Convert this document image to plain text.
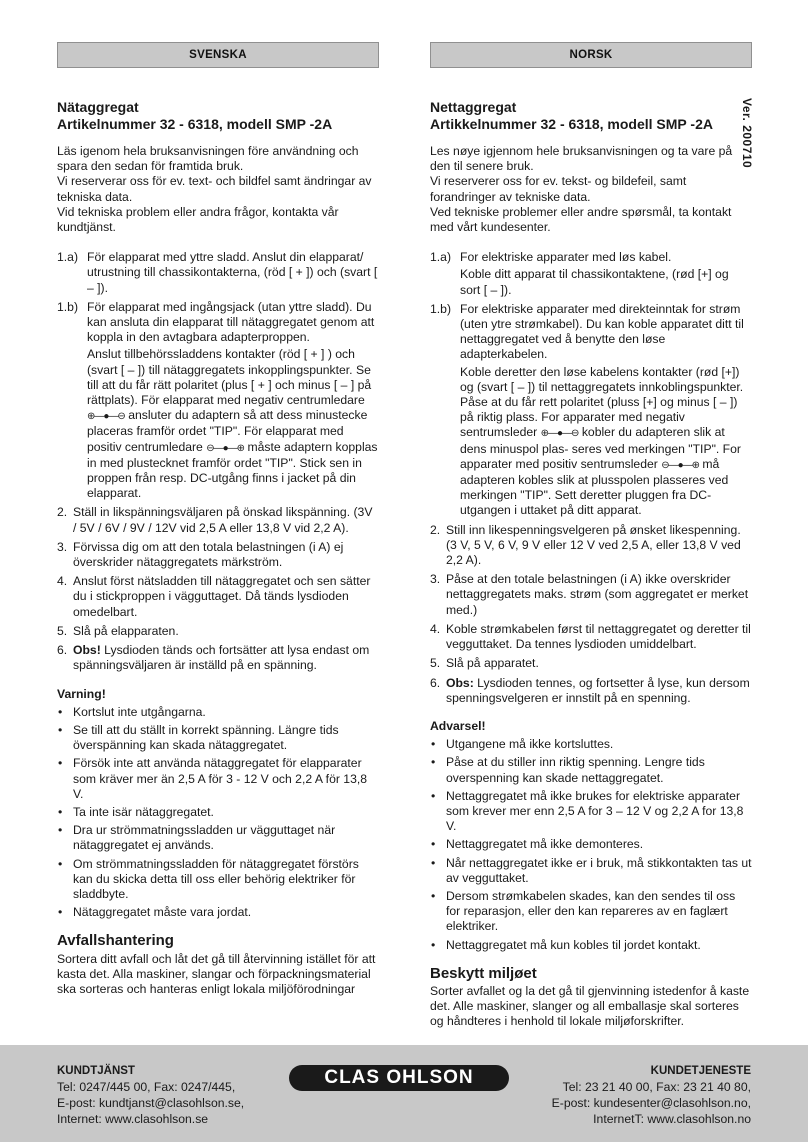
Ver. 200710
SVENSKA
Nätaggregat
Artikelnummer 32 - 6318, modell SMP -2A

Läs igenom hela bruksanvisningen före användning och spara den sedan för framtida bruk.

Vi reserverar oss för ev. text- och bildfel samt ändringar av tekniska data.

Vid tekniska problem eller andra frågor, kontakta vår kundtjänst.

1.a) För elapparat med yttre sladd. Anslut din elapparat/ utrustning till chassikontakterna, (röd [ + ]) och (svart [ – ]).
1.b) För elapparat med ingångsjack (utan yttre sladd). Du kan ansluta din elapparat till nätaggregatet genom att koppla in den avtagbara adapterproppen.
Anslut tillbehörssladdens kontakter (röd [ + ] ) och (svart [ – ]) till nätaggregatets inkopplingspunkter. Se till att du får rätt polaritet (plus [ + ] och minus [ – ] på rättplats). För elapparat med negativ centrumledare ⊕—●—⊖ ansluter du adaptern så att dess minustecke placeras framför ordet "TIP". För elapparat med positiv centrumledare ⊖—●—⊕ måste adaptern kopplas in med plustecknet framför ordet "TIP". Stick sen in proppen från resp. DC-utgång finns i jacket på din elapparat.
2. Ställ in likspänningsväljaren på önskad likspänning. (3V / 5V / 6V / 9V / 12V vid 2,5 A eller 13,8 V vid 2,2 A).
3. Förvissa dig om att den totala belastningen (i A) ej överskrider nätaggregatets märkström.
4. Anslut först nätsladden till nätaggregatet och sen sätter du i stickproppen i vägguttaget. Då tänds lysdioden omedelbart.
5. Slå på elapparaten.
6. Obs! Lysdioden tänds och fortsätter att lysa endast om spänningsväljaren är inställd på en spänning.
Varning!
• Kortslut inte utgångarna.
• Se till att du ställt in korrekt spänning. Längre tids överspänning kan skada nätaggregatet.
• Försök inte att använda nätaggregatet för elapparater som kräver mer än 2,5 A för 3 - 12 V och 2,2 A för 13,8 V.
• Ta inte isär nätaggregatet.
• Dra ur strömmatningssladden ur vägguttaget när nätaggregatet ej används.
• Om strömmatningssladden för nätaggregatet förstörs kan du skicka detta till oss eller behörig elektriker för sladdbyte.
• Nätaggregatet måste vara jordat.
Avfallshantering
Sortera ditt avfall och låt det gå till återvinning istället för att kasta det. Alla maskiner, slangar och förpackningsmaterial ska sorteras och hanteras enligt lokala miljöförodningar
NORSK
Nettaggregat
Artikkelnummer 32 - 6318, modell SMP -2A

Les nøye igjennom hele bruksanvisningen og ta vare på den til senere bruk.

Vi reserverer oss for ev. tekst- og bildefeil, samt forandringer av tekniske data.

Ved tekniske problemer eller andre spørsmål, ta kontakt med vårt kundesenter.

1.a) For elektriske apparater med løs kabel.
Koble ditt apparat til chassikontaktene, (rød [+] og sort [ – ]).
1.b) For elektriske apparater med direkteinntak for strøm (uten ytre strømkabel). Du kan koble apparatet ditt til nettaggregatet ved å benytte den løse adapterkabelen.
Koble deretter den løse kabelens kontakter (rød [+]) og (svart [ – ]) til nettaggregatets innkoblingspunkter. Påse at du får rett polaritet (pluss [+] og minus [ – ]) på riktig plass. For apparater med negativ sentrumsleder ⊕—●—⊖ kobler du adapteren slik at dens minuspol plas- seres ved merkingen "TIP". For apparater med positiv sentrumsleder ⊖—●—⊕ må adapteren kobles slik at plusspolen plasseres ved merkingen "TIP". Sett deretter pluggen fra DC-utgangen i uttaket på ditt apparat.
2. Still inn likespenningsvelgeren på ønsket likespenning. (3 V, 5 V, 6 V, 9 V eller 12 V ved 2,5 A, eller 13,8 V ved 2,2 A).
3. Påse at den totale belastningen (i A) ikke overskrider nettaggregatets maks. strøm (som aggregatet er merket med.)
4. Koble strømkabelen først til nettaggregatet og deretter til vegguttaket. Da tennes lysdioden umiddelbart.
5. Slå på apparatet.
6. Obs: Lysdioden tennes, og fortsetter å lyse, kun dersom spenningsvelgeren er innstilt på en spenning.
Advarsel!
• Utgangene må ikke kortsluttes.
• Påse at du stiller inn riktig spenning. Lengre tids overspenning kan skade nettaggregatet.
• Nettaggregatet må ikke brukes for elektriske apparater som krever mer enn 2,5 A for 3 – 12 V og 2,2 A for 13,8 V.
• Nettaggregatet må ikke demonteres.
• Når nettaggregatet ikke er i bruk, må stikkontakten tas ut av vegguttaket.
• Dersom strømkabelen skades, kan den sendes til oss for reparasjon, eller den kan repareres av en faglært elektriker.
• Nettaggregatet må kun kobles til jordet kontakt.
Beskytt miljøet
Sorter avfallet og la det gå til gjenvinning istedenfor å kaste det. Alle maskiner, slanger og all emballasje skal sorteres og håndteres i henhold til lokale miljøforskrifter.
KUNDTJÄNST
Tel: 0247/445 00, Fax: 0247/445,
E-post: kundtjanst@clasohlson.se,
Internet: www.clasohlson.se
CLAS OHLSON	KUNDETJENESTE
Tel: 23 21 40 00, Fax: 23 21 40 80,
E-post: kundesenter@clasohlson.no,
InternetT: www.clasohlson.no
